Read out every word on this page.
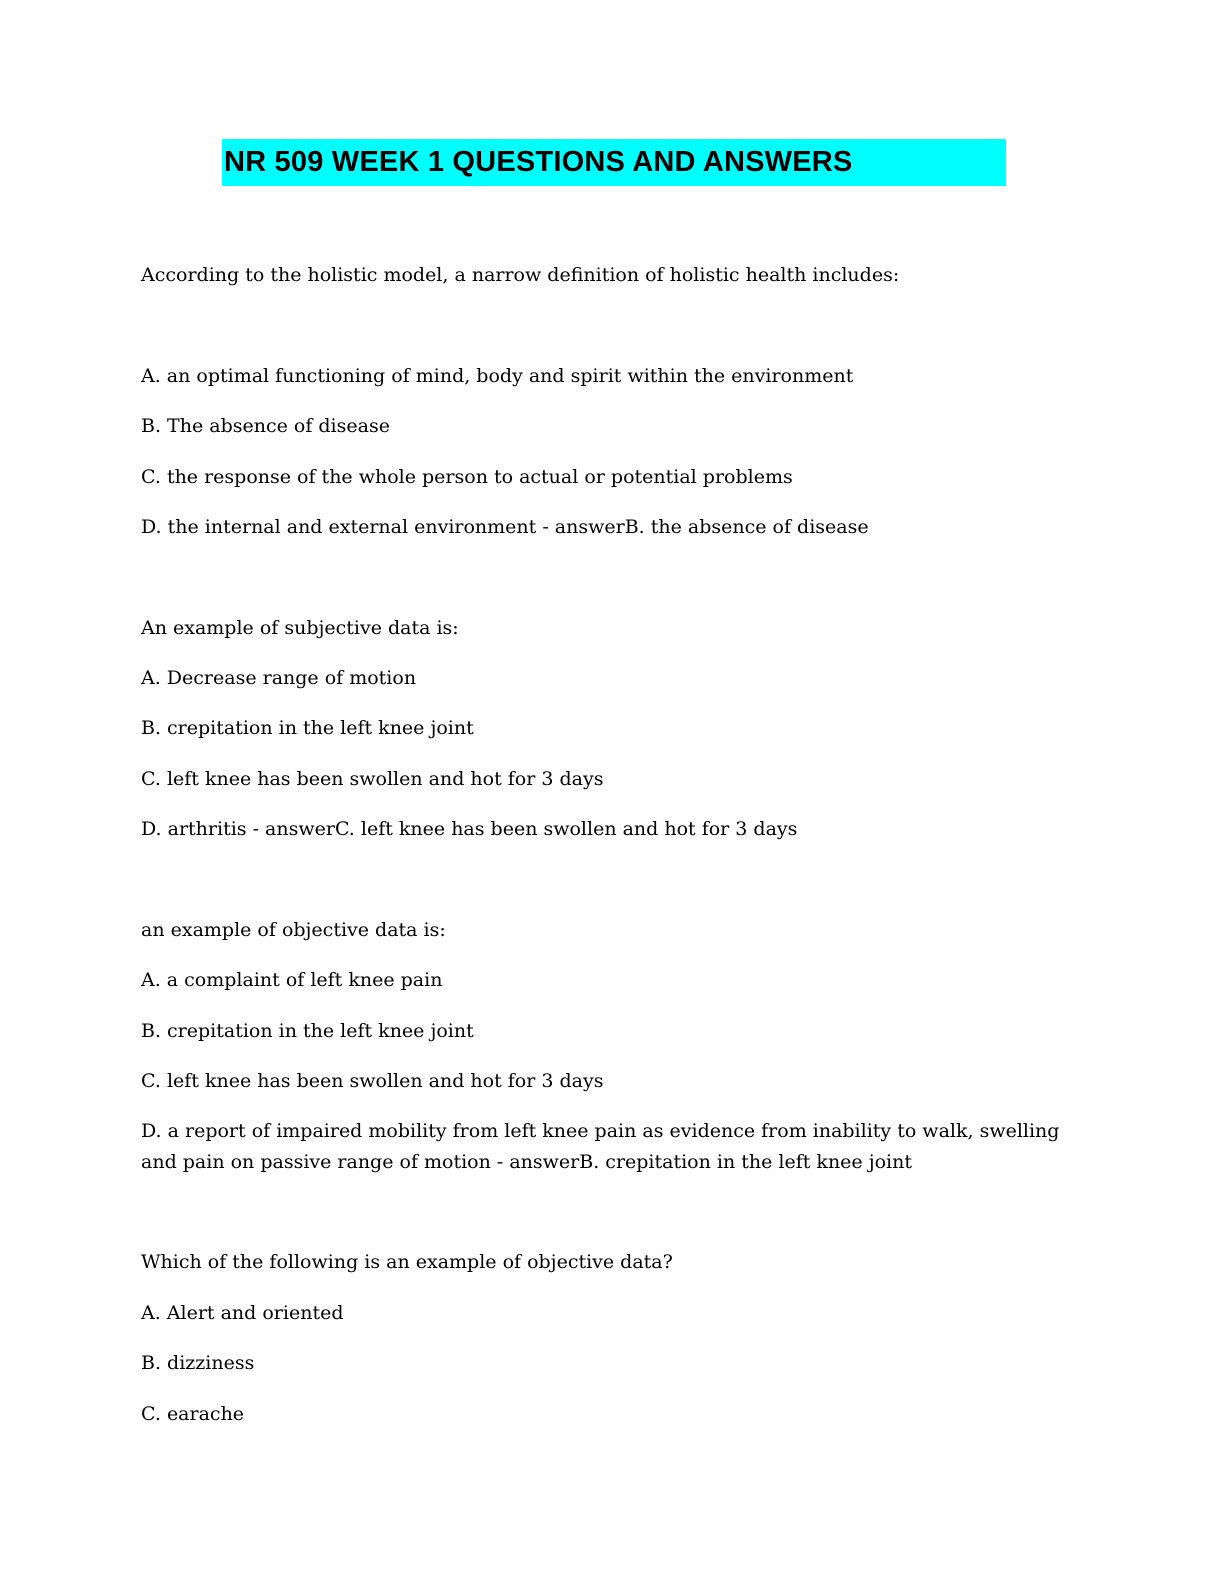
NR 509 WEEK 1 QUESTIONS AND ANSWERS
According to the holistic model, a narrow definition of holistic health includes:
A. an optimal functioning of mind, body and spirit within the environment
B. The absence of disease
C. the response of the whole person to actual or potential problems
D. the internal and external environment - answerB. the absence of disease
An example of subjective data is:
A. Decrease range of motion
B. crepitation in the left knee joint
C. left knee has been swollen and hot for 3 days
D. arthritis - answerC. left knee has been swollen and hot for 3 days
an example of objective data is:
A. a complaint of left knee pain
B. crepitation in the left knee joint
C. left knee has been swollen and hot for 3 days
D. a report of impaired mobility from left knee pain as evidence from inability to walk, swelling
and pain on passive range of motion - answerB. crepitation in the left knee joint
Which of the following is an example of objective data?
A. Alert and oriented
B. dizziness
C. earache
